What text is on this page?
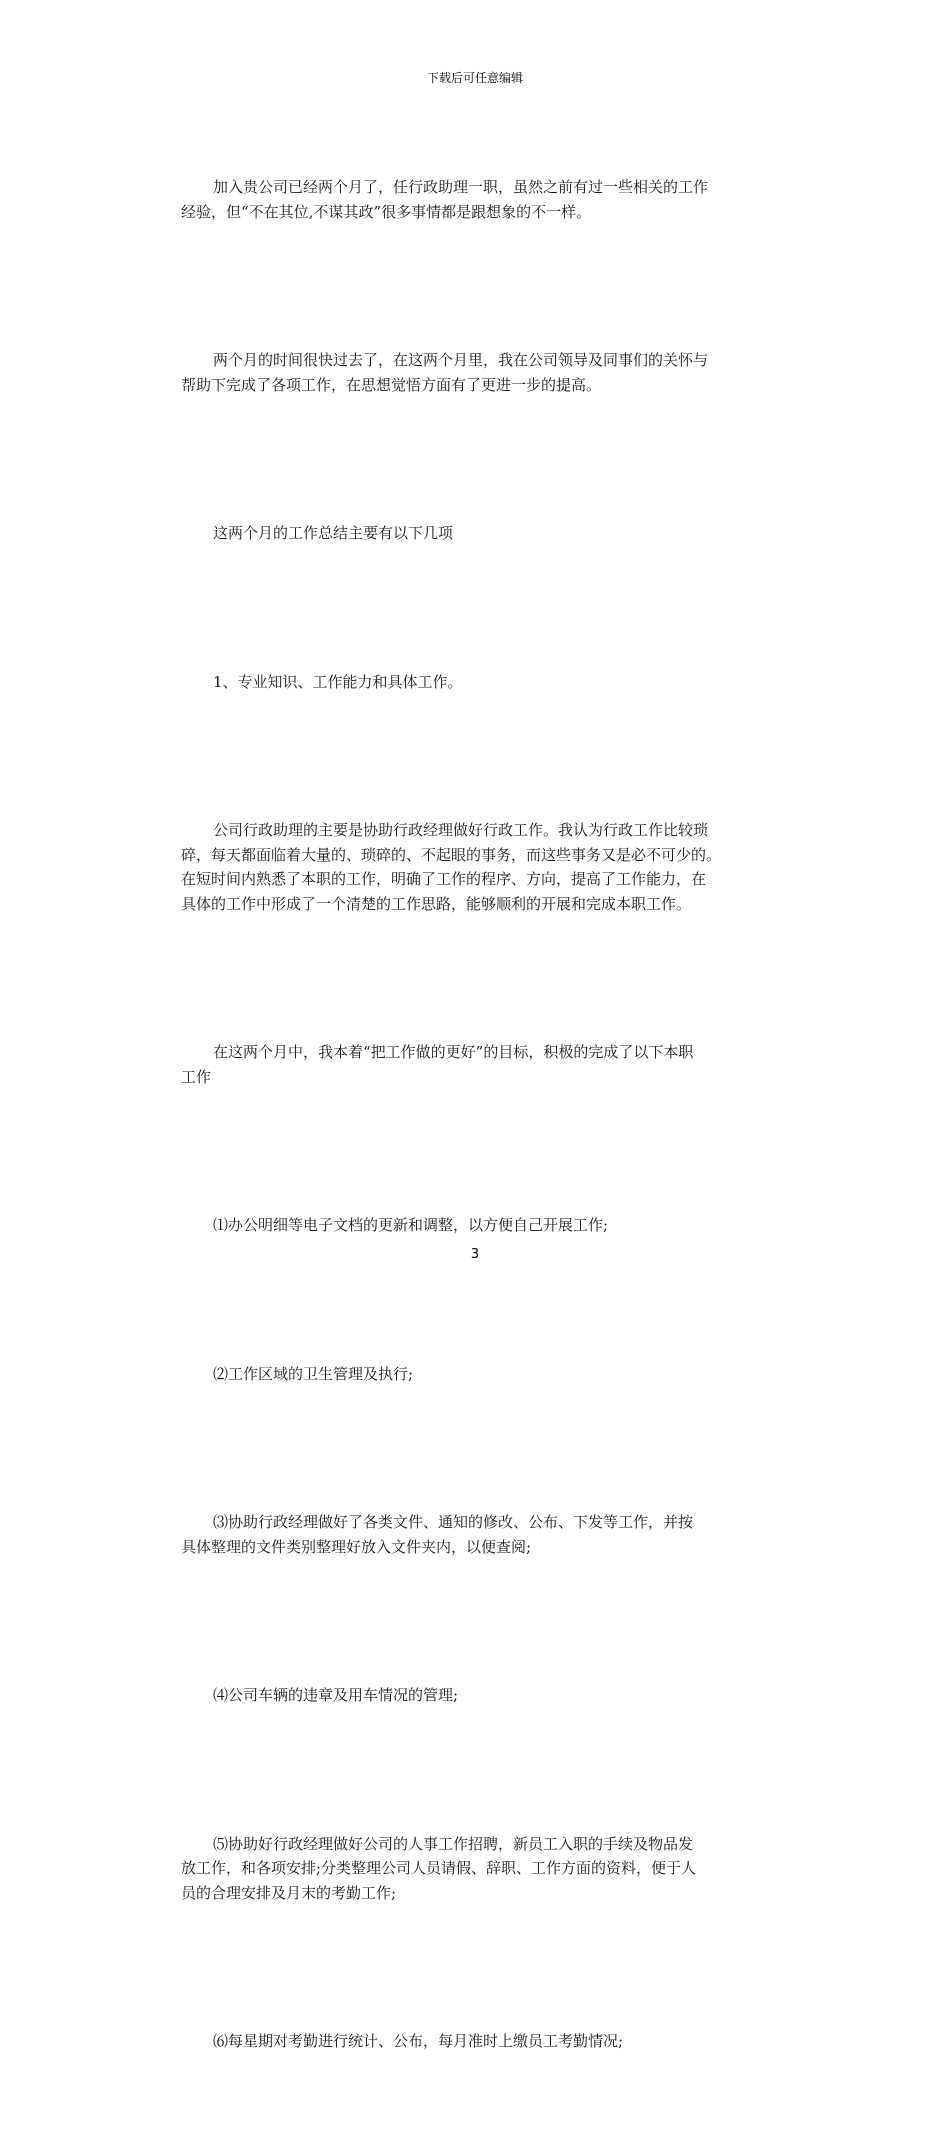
下载后可任意编辑

加入贵公司已经两个月了，任行政助理一职，虽然之前有过一些相关的工作
经验，但“不在其位,不谋其政”很多事情都是跟想象的不一样。

两个月的时间很快过去了，在这两个月里，我在公司领导及同事们的关怀与
帮助下完成了各项工作，在思想觉悟方面有了更进一步的提高。

这两个月的工作总结主要有以下几项

1、专业知识、工作能力和具体工作。

公司行政助理的主要是协助行政经理做好行政工作。我认为行政工作比较琐
碎，每天都面临着大量的、琐碎的、不起眼的事务，而这些事务又是必不可少的。
在短时间内熟悉了本职的工作，明确了工作的程序、方向，提高了工作能力，在
具体的工作中形成了一个清楚的工作思路，能够顺利的开展和完成本职工作。

在这两个月中，我本着“把工作做的更好”的目标，积极的完成了以下本职
工作

⑴办公明细等电子文档的更新和调整，以方便自己开展工作;

⑵工作区域的卫生管理及执行;

⑶协助行政经理做好了各类文件、通知的修改、公布、下发等工作，并按
具体整理的文件类别整理好放入文件夹内，以便查阅;

⑷公司车辆的违章及用车情况的管理;

⑸协助好行政经理做好公司的人事工作招聘，新员工入职的手续及物品发
放工作，和各项安排;分类整理公司人员请假、辞职、工作方面的资料，便于人
员的合理安排及月末的考勤工作;

⑹每星期对考勤进行统计、公布，每月准时上缴员工考勤情况;

3
